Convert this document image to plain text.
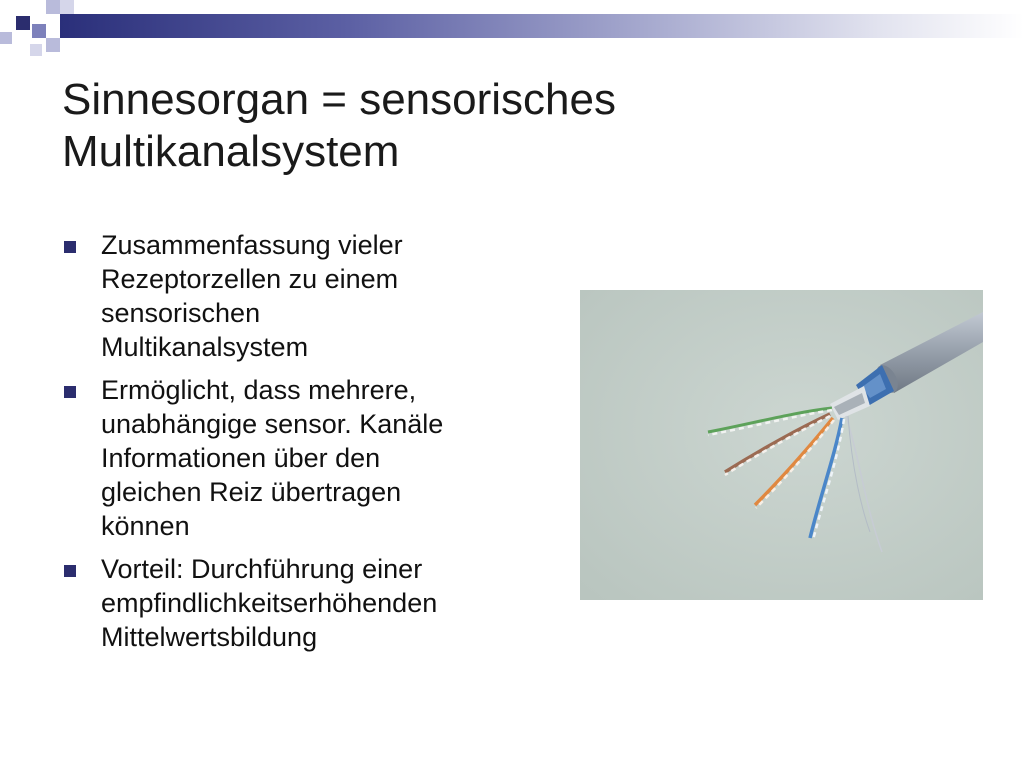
Sinnesorgan = sensorisches
Multikanalsystem
Zusammenfassung vieler
Rezeptorzellen zu einem
sensorischen
Multikanalsystem
Ermöglicht, dass mehrere,
unabhängige sensor. Kanäle
Informationen über den
gleichen Reiz übertragen
können
Vorteil: Durchführung einer
empfindlichkeitserhöhenden
Mittelwertsbildung
